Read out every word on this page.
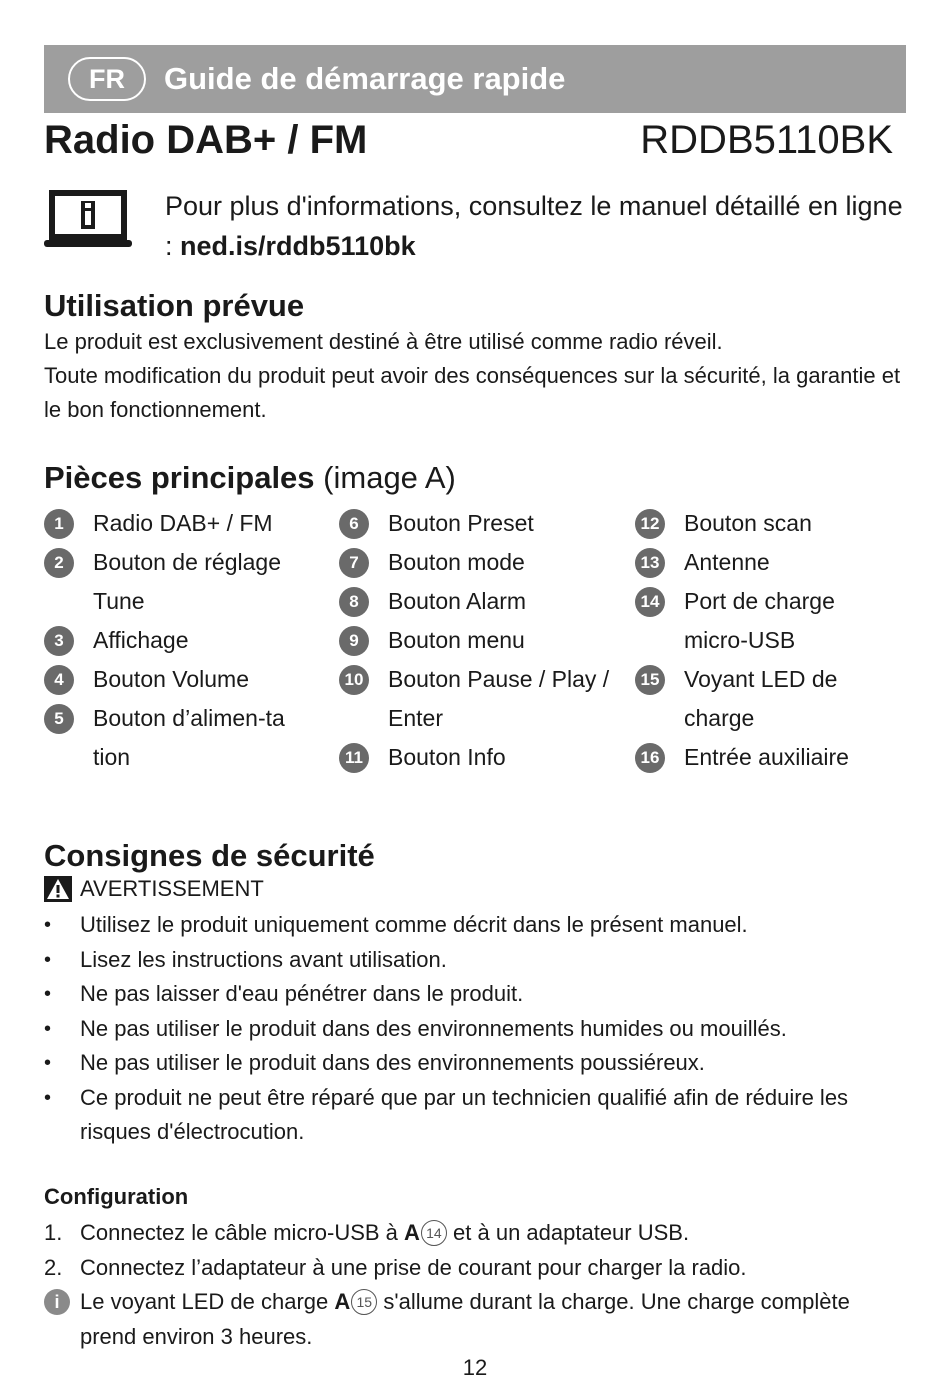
FR	Guide de démarrage rapide
Radio DAB+ / FM	RDDB5110BK
Pour plus d'informations, consultez le manuel détaillé en ligne : ned.is/rddb5110bk
Utilisation prévue
Le produit est exclusivement destiné à être utilisé comme radio réveil.
Toute modification du produit peut avoir des conséquences sur la sécurité, la garantie et le bon fonctionnement.
Pièces principales (image A)
1	Radio DAB+ / FM
2	Bouton de réglage Tune
3	Affichage
4	Bouton Volume
5	Bouton d’alimen-tation
6	Bouton Preset
7	Bouton mode
8	Bouton Alarm
9	Bouton menu
10 Bouton Pause / Play / Enter
11 Bouton Info
12 Bouton scan
13 Antenne
14 Port de charge micro-USB
15 Voyant LED de charge
16 Entrée auxiliaire
Consignes de sécurité
AVERTISSEMENT
•	Utilisez le produit uniquement comme décrit dans le présent manuel.
•	Lisez les instructions avant utilisation.
•	Ne pas laisser d'eau pénétrer dans le produit.
•	Ne pas utiliser le produit dans des environnements humides ou mouillés.
•	Ne pas utiliser le produit dans des environnements poussiéreux.
•	Ce produit ne peut être réparé que par un technicien qualifié afin de réduire les risques d'électrocution.
Configuration
1. Connectez le câble micro-USB à A 14 et à un adaptateur USB.
2. Connectez l’adaptateur à une prise de courant pour charger la radio.
i Le voyant LED de charge A 15 s'allume durant la charge. Une charge complète prend environ 3 heures.
12
